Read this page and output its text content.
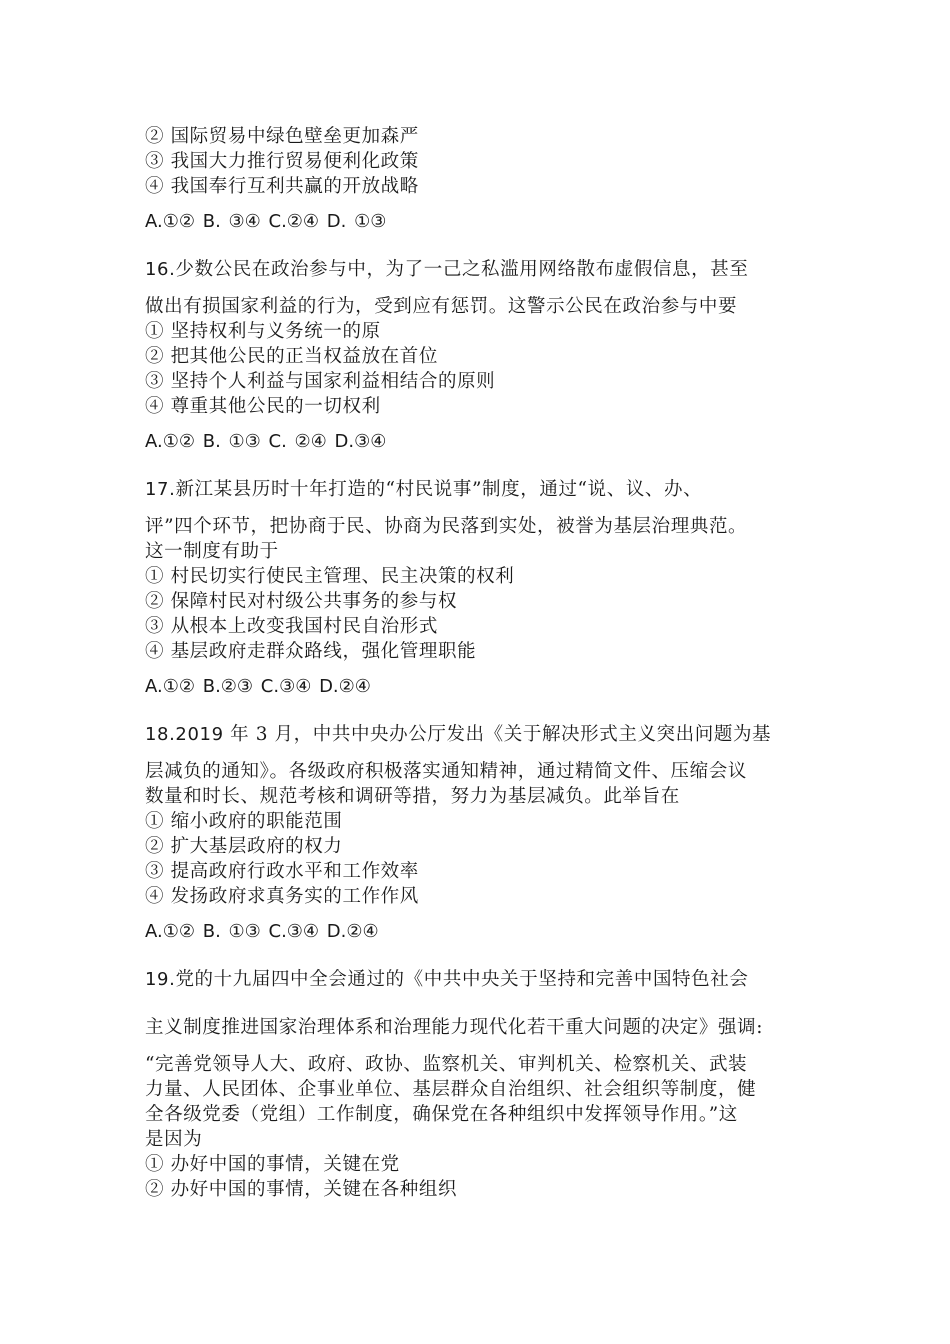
② 国际贸易中绿色壁垒更加森严
③ 我国大力推行贸易便利化政策
④ 我国奉行互利共赢的开放战略
A.①② B. ③④ C.②④ D. ①③
16.少数公民在政治参与中，为了一己之私滥用网络散布虚假信息，甚至
做出有损国家利益的行为，受到应有惩罚。这警示公民在政治参与中要
① 坚持权利与义务统一的原
② 把其他公民的正当权益放在首位
③ 坚持个人利益与国家利益相结合的原则
④ 尊重其他公民的一切权利
A.①② B. ①③ C. ②④ D.③④
17.新江某县历时十年打造的“村民说事”制度，通过“说、议、办、
评”四个环节，把协商于民、协商为民落到实处，被誉为基层治理典范。
这一制度有助于
① 村民切实行使民主管理、民主决策的权利
② 保障村民对村级公共事务的参与权
③ 从根本上改变我国村民自治形式
④ 基层政府走群众路线，强化管理职能
A.①② B.②③ C.③④ D.②④
18.2019 年 3 月，中共中央办公厅发出《关于解决形式主义突出问题为基
层减负的通知》。各级政府积极落实通知精神，通过精简文件、压缩会议
数量和时长、规范考核和调研等措，努力为基层减负。此举旨在
① 缩小政府的职能范围
② 扩大基层政府的权力
③ 提高政府行政水平和工作效率
④ 发扬政府求真务实的工作作风
A.①② B. ①③ C.③④ D.②④
19.党的十九届四中全会通过的《中共中央关于坚持和完善中国特色社会
主义制度推进国家治理体系和治理能力现代化若干重大问题的决定》强调:
“完善党领导人大、政府、政协、监察机关、审判机关、检察机关、武装
力量、人民团体、企事业单位、基层群众自治组织、社会组织等制度，健
全各级党委（党组）工作制度，确保党在各种组织中发挥领导作用。”这
是因为
① 办好中国的事情，关键在党
② 办好中国的事情，关键在各种组织
